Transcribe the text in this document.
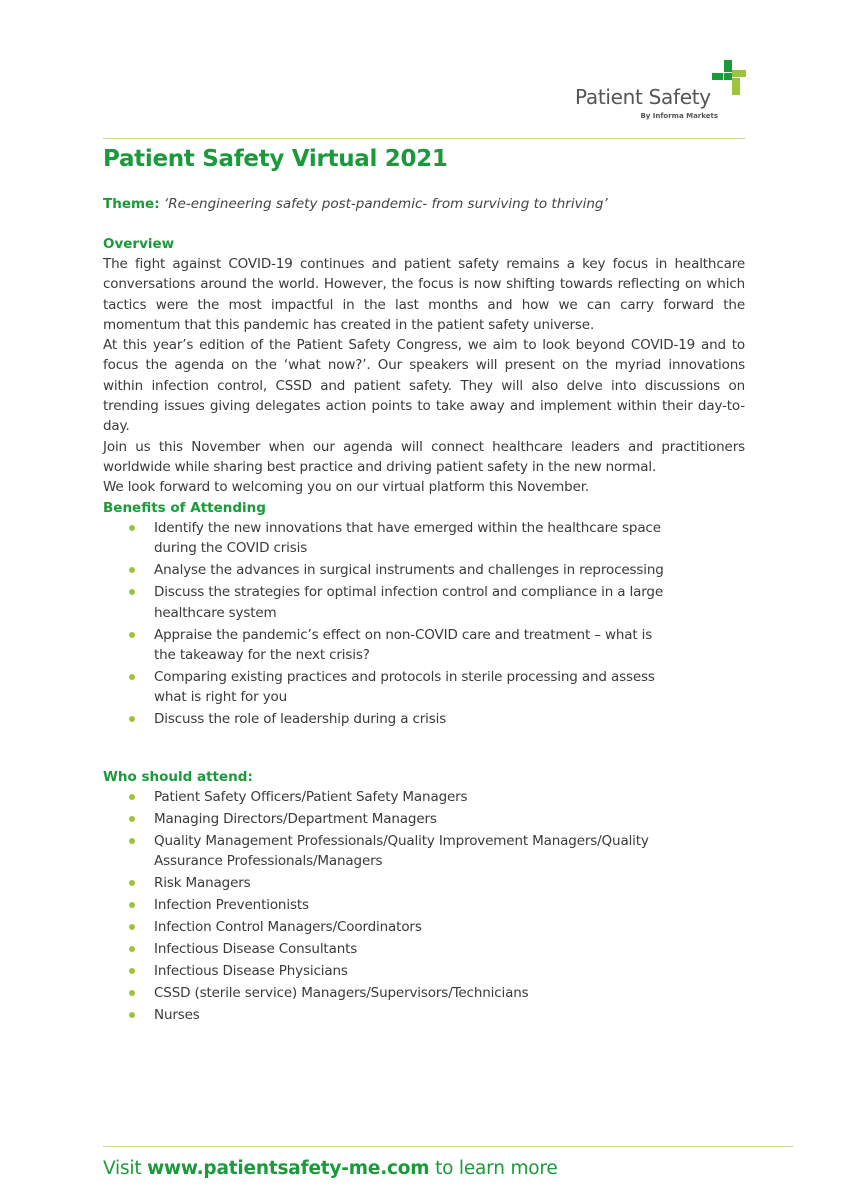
Patient Safety
By Informa Markets
Patient Safety Virtual 2021
Theme: ‘Re-engineering safety post-pandemic- from surviving to thriving’
Overview

The fight against COVID-19 continues and patient safety remains a key focus in healthcare conversations around the world. However, the focus is now shifting towards reflecting on which tactics were the most impactful in the last months and how we can carry forward the momentum that this pandemic has created in the patient safety universe.

At this year’s edition of the Patient Safety Congress, we aim to look beyond COVID-19 and to focus the agenda on the ‘what now?’. Our speakers will present on the myriad innovations within infection control, CSSD and patient safety. They will also delve into discussions on trending issues giving delegates action points to take away and implement within their day-to-day.

Join us this November when our agenda will connect healthcare leaders and practitioners worldwide while sharing best practice and driving patient safety in the new normal.

We look forward to welcoming you on our virtual platform this November.

Benefits of Attending
Identify the new innovations that have emerged within the healthcare space during the COVID crisis
Analyse the advances in surgical instruments and challenges in reprocessing
Discuss the strategies for optimal infection control and compliance in a large healthcare system
Appraise the pandemic’s effect on non-COVID care and treatment – what is the takeaway for the next crisis?
Comparing existing practices and protocols in sterile processing and assess what is right for you
Discuss the role of leadership during a crisis
Who should attend:
Patient Safety Officers/Patient Safety Managers
Managing Directors/Department Managers
Quality Management Professionals/Quality Improvement Managers/Quality Assurance Professionals/Managers
Risk Managers
Infection Preventionists
Infection Control Managers/Coordinators
Infectious Disease Consultants
Infectious Disease Physicians
CSSD (sterile service) Managers/Supervisors/Technicians
Nurses
Visit www.patientsafety-me.com to learn more
